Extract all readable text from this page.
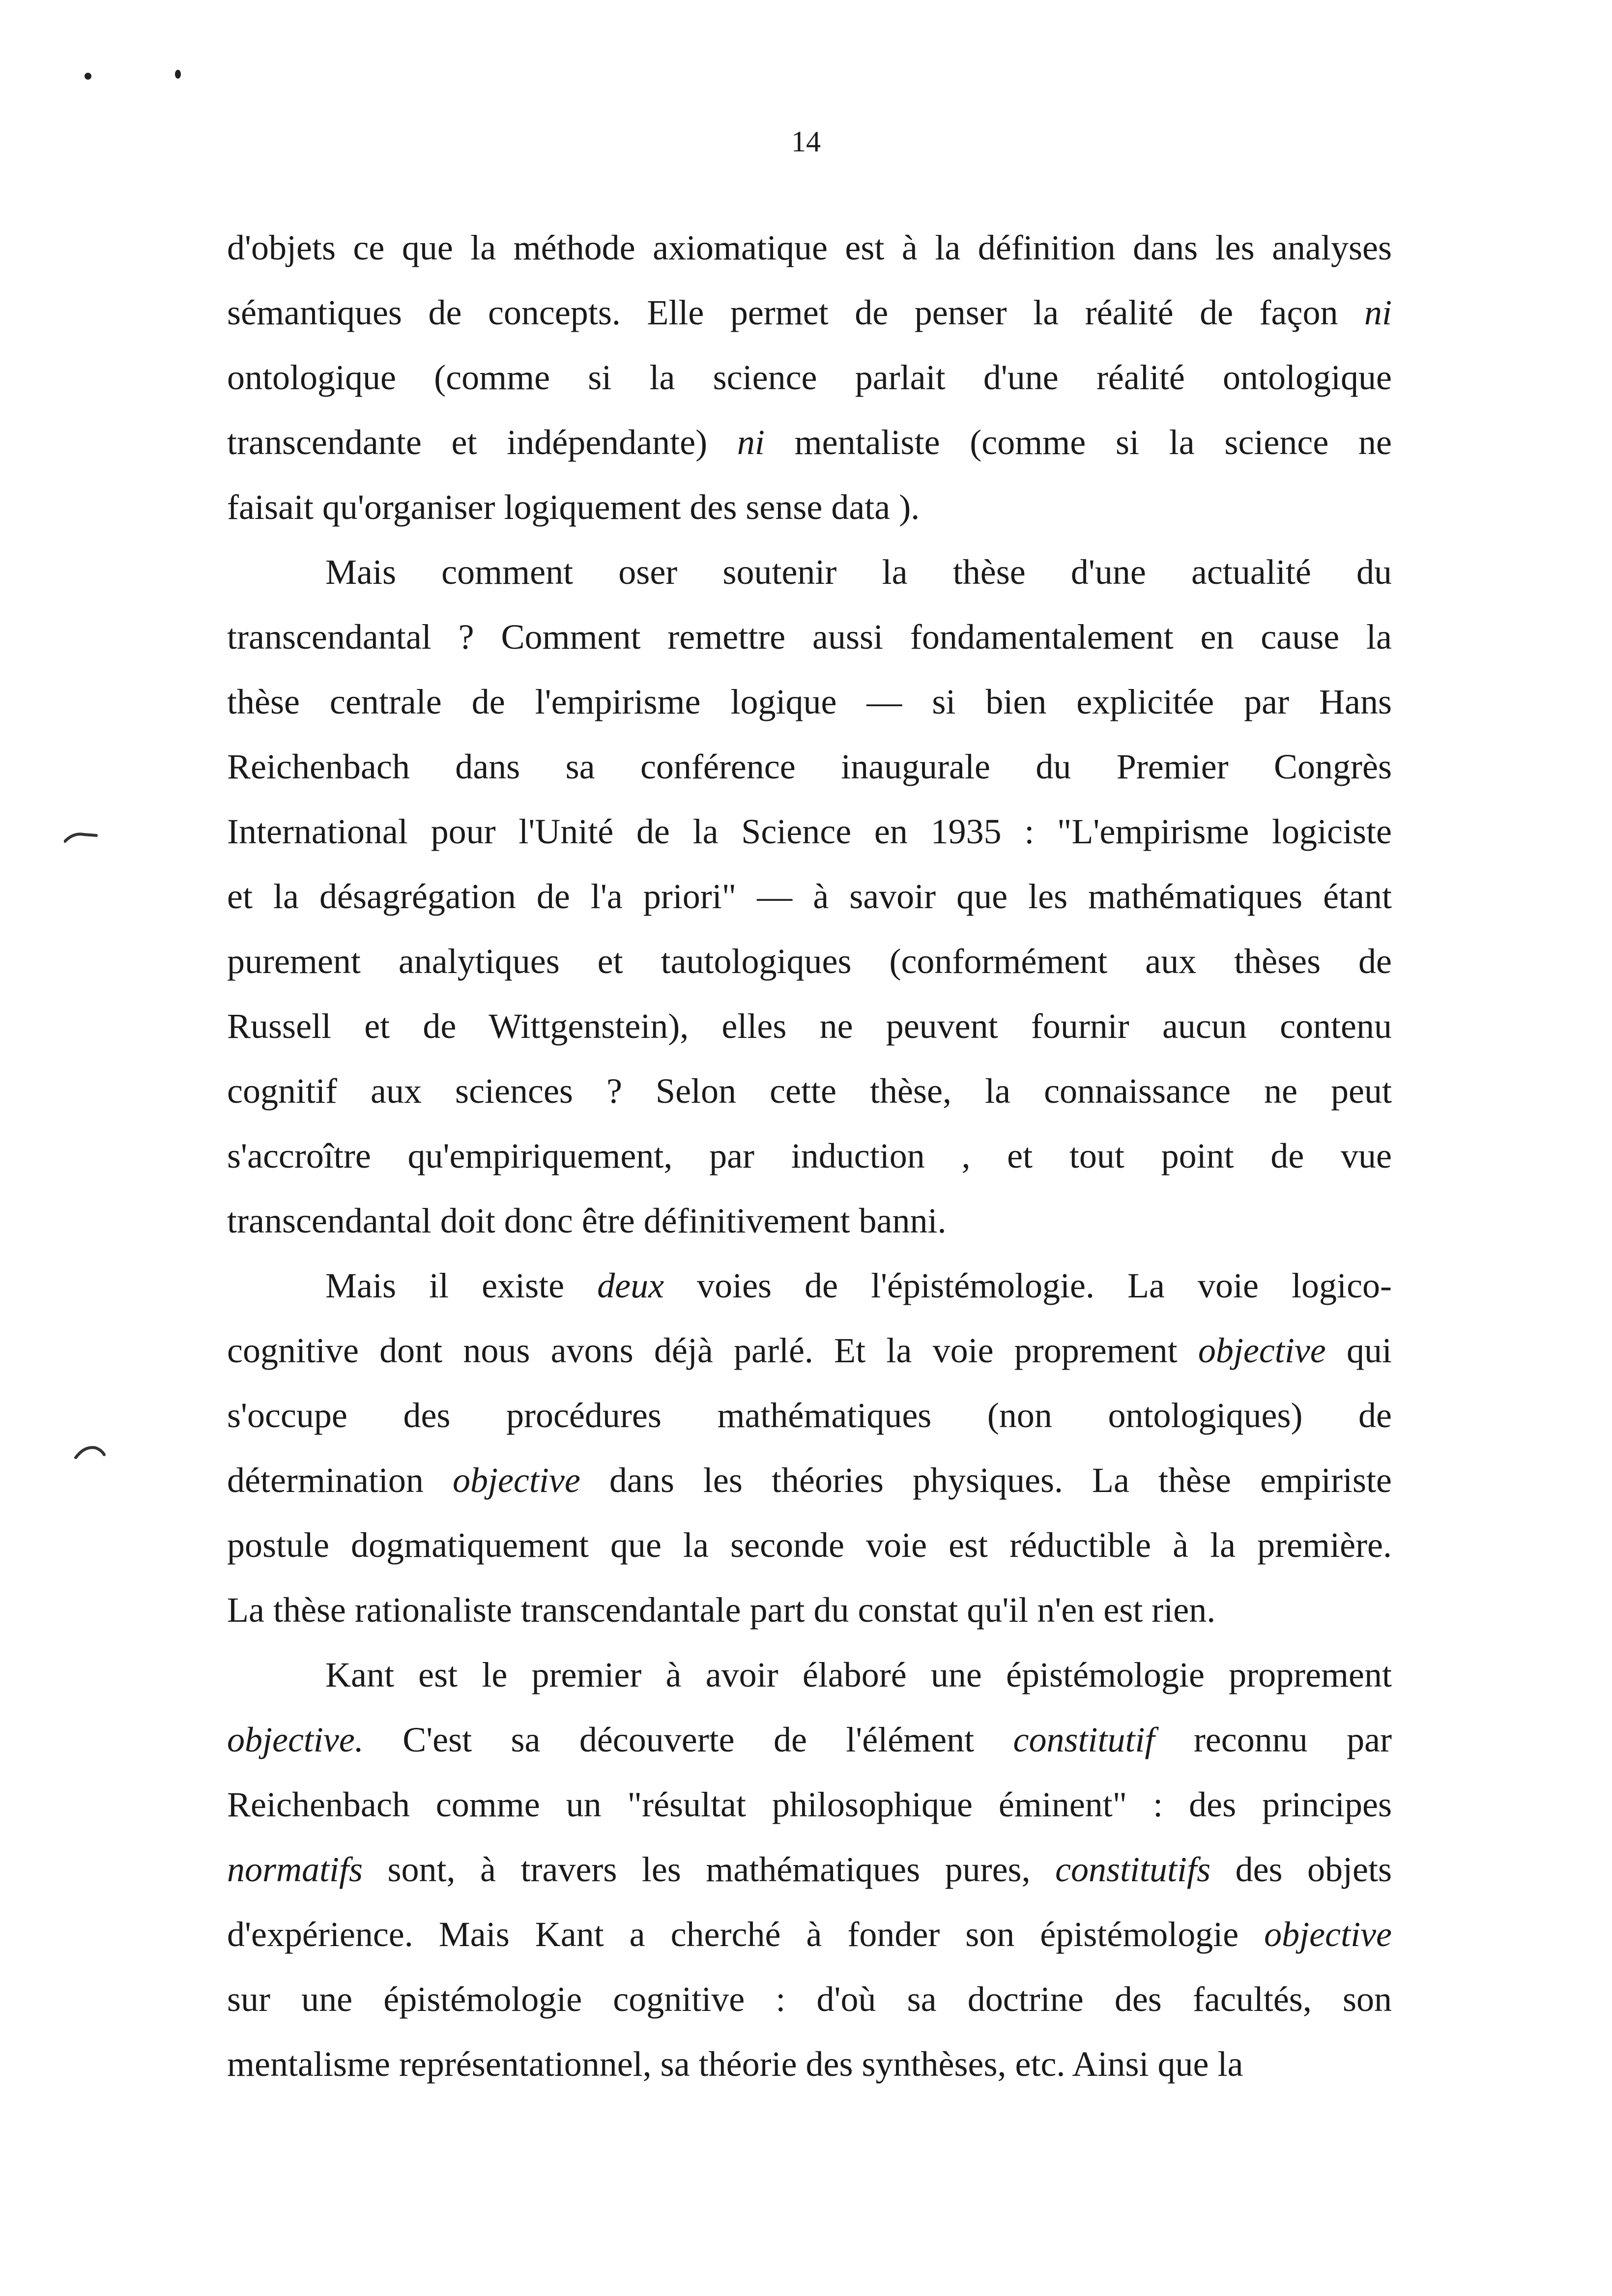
14
d'objets ce que la méthode axiomatique est à la définition dans les analyses
sémantiques de concepts. Elle permet de penser la réalité de façon ni
ontologique (comme si la science parlait d'une réalité ontologique
transcendante et indépendante) ni mentaliste (comme si la science ne
faisait qu'organiser logiquement des sense data ).
Mais comment oser soutenir la thèse d'une actualité du
transcendantal ? Comment remettre aussi fondamentalement en cause la
thèse centrale de l'empirisme logique — si bien explicitée par Hans
Reichenbach dans sa conférence inaugurale du Premier Congrès
International pour l'Unité de la Science en 1935 : "L'empirisme logiciste
et la désagrégation de l'a priori" — à savoir que les mathématiques étant
purement analytiques et tautologiques (conformément aux thèses de
Russell et de Wittgenstein), elles ne peuvent fournir aucun contenu
cognitif aux sciences ? Selon cette thèse, la connaissance ne peut
s'accroître qu'empiriquement, par induction , et tout point de vue
transcendantal doit donc être définitivement banni.
Mais il existe deux voies de l'épistémologie. La voie logico-
cognitive dont nous avons déjà parlé. Et la voie proprement objective qui
s'occupe des procédures mathématiques (non ontologiques) de
détermination objective dans les théories physiques. La thèse empiriste
postule dogmatiquement que la seconde voie est réductible à la première.
La thèse rationaliste transcendantale part du constat qu'il n'en est rien.
Kant est le premier à avoir élaboré une épistémologie proprement
objective. C'est sa découverte de l'élément constitutif reconnu par
Reichenbach comme un "résultat philosophique éminent" : des principes
normatifs sont, à travers les mathématiques pures, constitutifs des objets
d'expérience. Mais Kant a cherché à fonder son épistémologie objective
sur une épistémologie cognitive : d'où sa doctrine des facultés, son
mentalisme représentationnel, sa théorie des synthèses, etc. Ainsi que la
